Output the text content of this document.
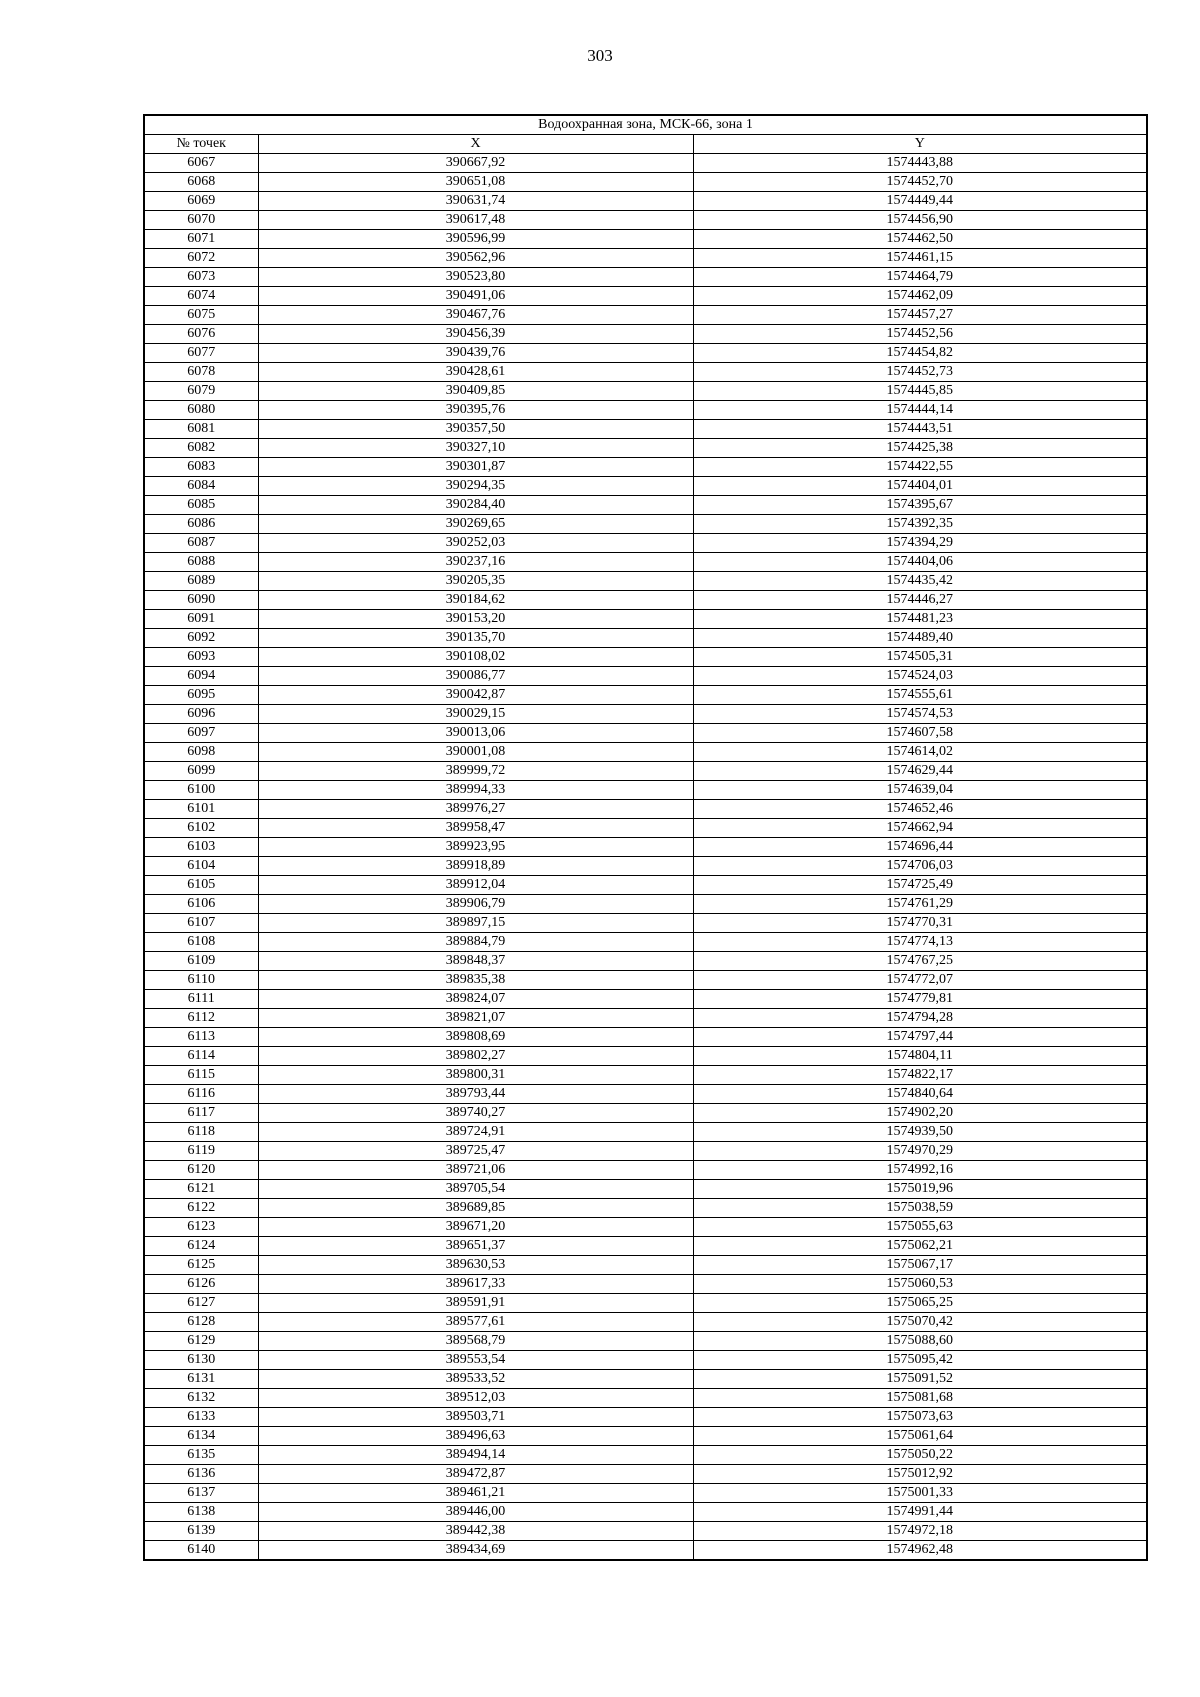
303
Водоохранная зона, МСК-66, зона 1		
№ точек	X	Y
6067	390667,92	1574443,88
6068	390651,08	1574452,70
6069	390631,74	1574449,44
6070	390617,48	1574456,90
6071	390596,99	1574462,50
6072	390562,96	1574461,15
6073	390523,80	1574464,79
6074	390491,06	1574462,09
6075	390467,76	1574457,27
6076	390456,39	1574452,56
6077	390439,76	1574454,82
6078	390428,61	1574452,73
6079	390409,85	1574445,85
6080	390395,76	1574444,14
6081	390357,50	1574443,51
6082	390327,10	1574425,38
6083	390301,87	1574422,55
6084	390294,35	1574404,01
6085	390284,40	1574395,67
6086	390269,65	1574392,35
6087	390252,03	1574394,29
6088	390237,16	1574404,06
6089	390205,35	1574435,42
6090	390184,62	1574446,27
6091	390153,20	1574481,23
6092	390135,70	1574489,40
6093	390108,02	1574505,31
6094	390086,77	1574524,03
6095	390042,87	1574555,61
6096	390029,15	1574574,53
6097	390013,06	1574607,58
6098	390001,08	1574614,02
6099	389999,72	1574629,44
6100	389994,33	1574639,04
6101	389976,27	1574652,46
6102	389958,47	1574662,94
6103	389923,95	1574696,44
6104	389918,89	1574706,03
6105	389912,04	1574725,49
6106	389906,79	1574761,29
6107	389897,15	1574770,31
6108	389884,79	1574774,13
6109	389848,37	1574767,25
6110	389835,38	1574772,07
6111	389824,07	1574779,81
6112	389821,07	1574794,28
6113	389808,69	1574797,44
6114	389802,27	1574804,11
6115	389800,31	1574822,17
6116	389793,44	1574840,64
6117	389740,27	1574902,20
6118	389724,91	1574939,50
6119	389725,47	1574970,29
6120	389721,06	1574992,16
6121	389705,54	1575019,96
6122	389689,85	1575038,59
6123	389671,20	1575055,63
6124	389651,37	1575062,21
6125	389630,53	1575067,17
6126	389617,33	1575060,53
6127	389591,91	1575065,25
6128	389577,61	1575070,42
6129	389568,79	1575088,60
6130	389553,54	1575095,42
6131	389533,52	1575091,52
6132	389512,03	1575081,68
6133	389503,71	1575073,63
6134	389496,63	1575061,64
6135	389494,14	1575050,22
6136	389472,87	1575012,92
6137	389461,21	1575001,33
6138	389446,00	1574991,44
6139	389442,38	1574972,18
6140	389434,69	1574962,48
